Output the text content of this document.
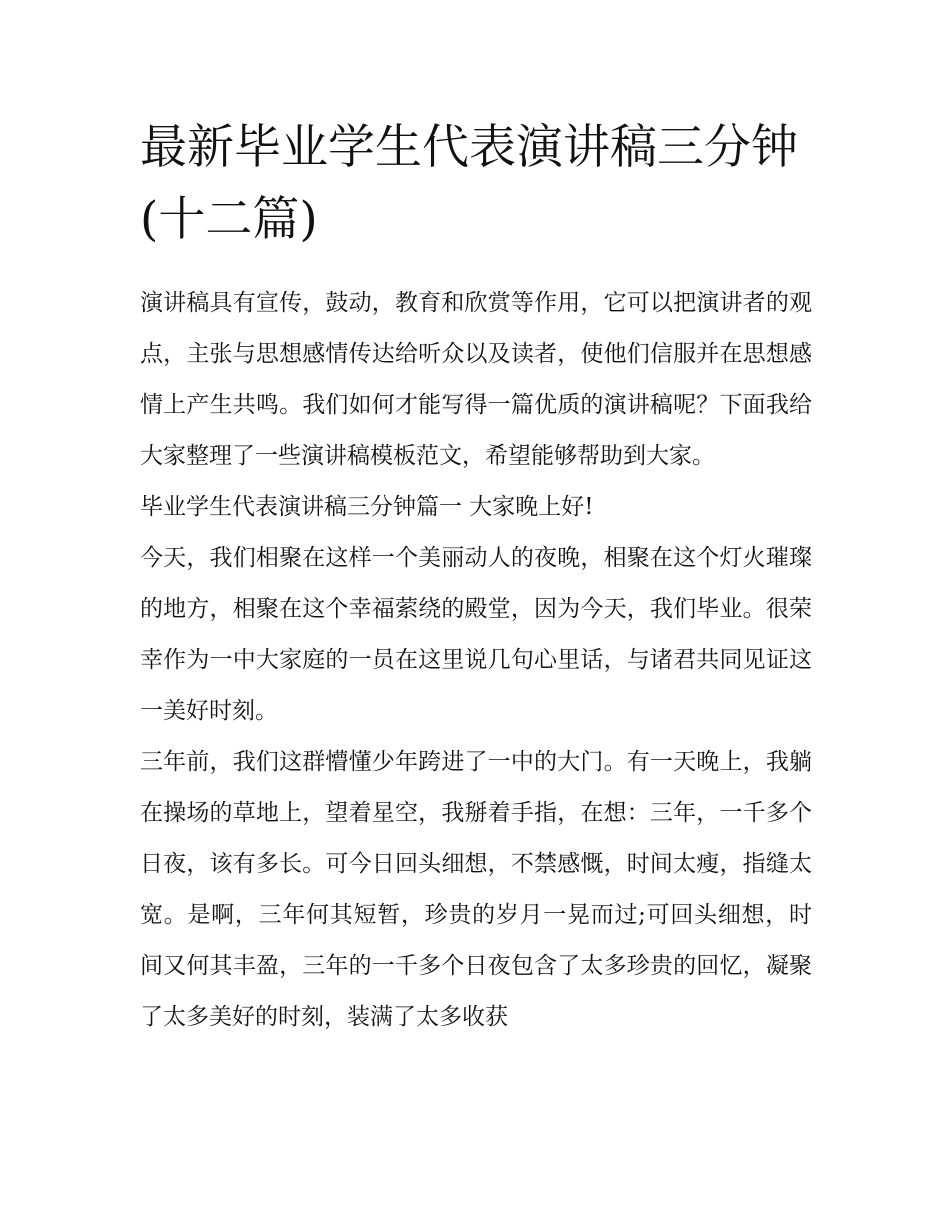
最新毕业学生代表演讲稿三分钟(十二篇)

演讲稿具有宣传，鼓动，教育和欣赏等作用，它可以把演讲者的观点，主张与思想感情传达给听众以及读者，使他们信服并在思想感情上产生共鸣。我们如何才能写得一篇优质的演讲稿呢？下面我给大家整理了一些演讲稿模板范文，希望能够帮助到大家。

毕业学生代表演讲稿三分钟篇一 大家晚上好!

今天，我们相聚在这样一个美丽动人的夜晚，相聚在这个灯火璀璨的地方，相聚在这个幸福萦绕的殿堂，因为今天，我们毕业。很荣幸作为一中大家庭的一员在这里说几句心里话，与诸君共同见证这一美好时刻。

三年前，我们这群懵懂少年跨进了一中的大门。有一天晚上，我躺在操场的草地上，望着星空，我掰着手指，在想：三年，一千多个日夜，该有多长。可今日回头细想，不禁感慨，时间太瘦，指缝太宽。是啊，三年何其短暂，珍贵的岁月一晃而过;可回头细想，时间又何其丰盈，三年的一千多个日夜包含了太多珍贵的回忆，凝聚了太多美好的时刻，装满了太多收获
